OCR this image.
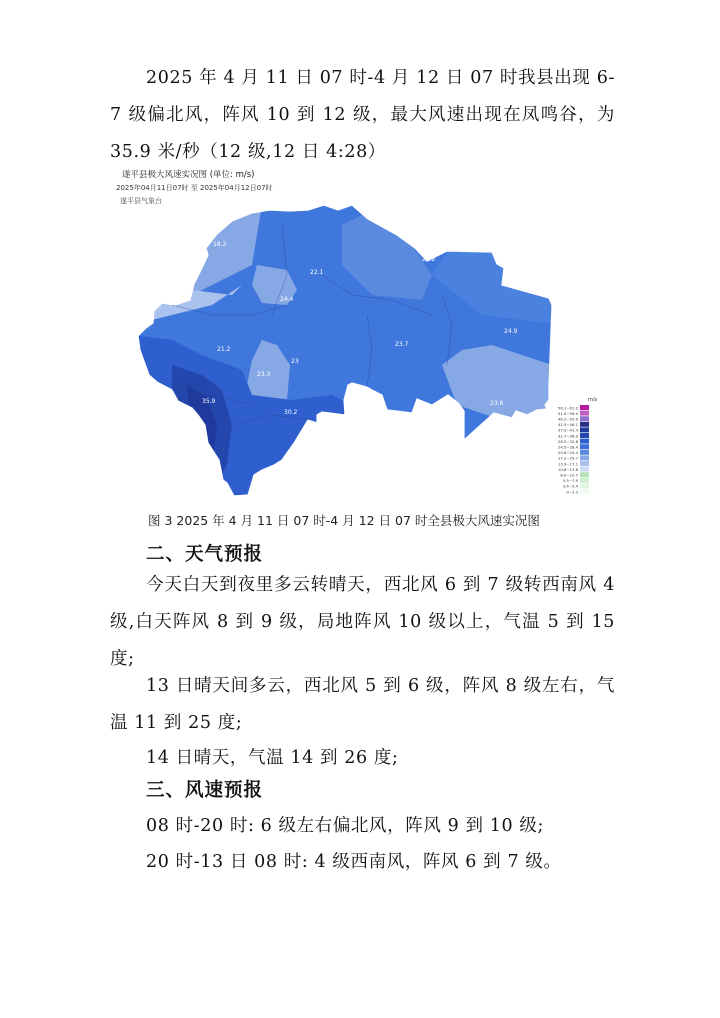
2025 年 4 月 11 日 07 时-4 月 12 日 07 时我县出现 6-7 级偏北风，阵风 10 到 12 级，最大风速出现在凤鸣谷，为 35.9 米/秒（12 级,12 日 4:28）

遂平县极大风速实况图 (单位: m/s)
2025年04月11日07时 至 2025年04月12日07时
遂平县气象台
18.2
22.1
22.2
24.4
21.2
23
23.3
23.7
24.9
35.9
30.2
23.6	m/s
56.1~61.2
51.0~56.0
46.2~50.9
41.5~46.1
37.0~41.4
32.7~36.9
28.5~32.6
24.5~28.4
20.8~24.4
17.2~20.7
13.9~17.1
10.8~13.8
8.0~10.7
5.5~7.9
3.4~5.4
0~3.3
图 3 2025 年 4 月 11 日 07 时-4 月 12 日 07 时全县极大风速实况图

二、天气预报

今天白天到夜里多云转晴天，西北风 6 到 7 级转西南风 4 级,白天阵风 8 到 9 级，局地阵风 10 级以上，气温 5 到 15 度;

13 日晴天间多云，西北风 5 到 6 级，阵风 8 级左右，气温 11 到 25 度;

14 日晴天，气温 14 到 26 度;

三、风速预报

08 时-20 时: 6 级左右偏北风，阵风 9 到 10 级;

20 时-13 日 08 时: 4 级西南风，阵风 6 到 7 级。
